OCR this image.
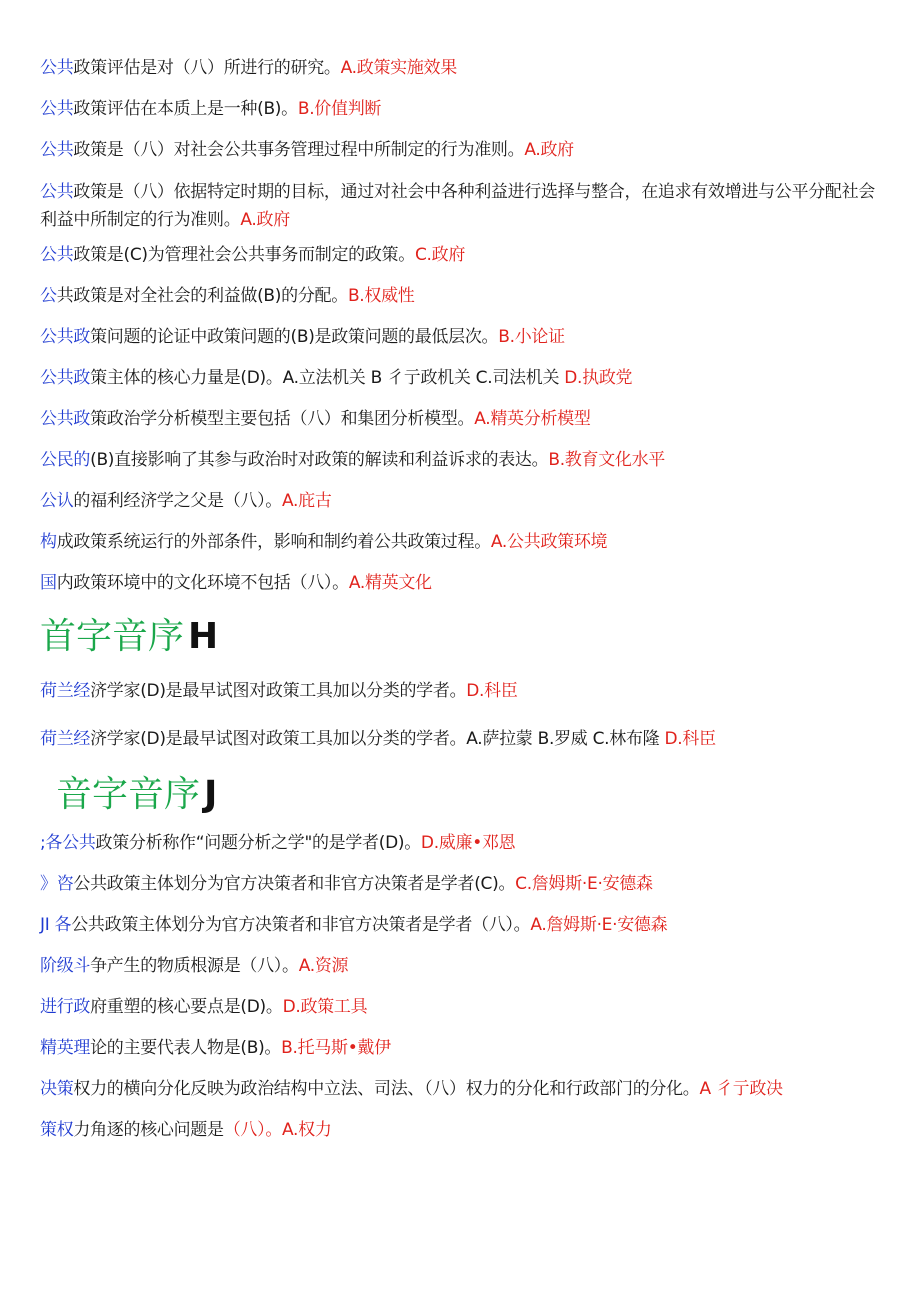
公共政策评估是对（八）所进行的研究。A.政策实施效果
公共政策评估在本质上是一种(B)。B.价值判断
公共政策是（八）对社会公共事务管理过程中所制定的行为准则。A.政府
公共政策是（八）依据特定时期的目标，通过对社会中各种利益进行选择与整合，在追求有效增进与公平分配社会利益中所制定的行为准则。A.政府
公共政策是(C)为管理社会公共事务而制定的政策。C.政府
公共政策是对全社会的利益做(B)的分配。B.权威性
公共政策问题的论证中政策问题的(B)是政策问题的最低层次。B.小论证
公共政策主体的核心力量是(D)。A.立法机关 B 彳亍政机关 C.司法机关 D.执政党
公共政策政治学分析模型主要包括（八）和集团分析模型。A.精英分析模型
公民的(B)直接影响了其参与政治时对政策的解读和利益诉求的表达。B.教育文化水平
公认的福利经济学之父是（八）。A.庇古
构成政策系统运行的外部条件，影响和制约着公共政策过程。A.公共政策环境
国内政策环境中的文化环境不包括（八）。A.精英文化
首字音序 H
荷兰经济学家(D)是最早试图对政策工具加以分类的学者。D.科臣
荷兰经济学家(D)是最早试图对政策工具加以分类的学者。A.萨拉蒙 B.罗威 C.林布隆 D.科臣
音字音序 J
;各公共政策分析称作“问题分析之学"的是学者(D)。D.威廉•邓恩
》咨公共政策主体划分为官方决策者和非官方决策者是学者(C)。C.詹姆斯·E·安德森
JI 各公共政策主体划分为官方决策者和非官方决策者是学者（八）。A.詹姆斯·E·安德森
阶级斗争产生的物质根源是（八）。A.资源
进行政府重塑的核心要点是(D)。D.政策工具
精英理论的主要代表人物是(B)。B.托马斯•戴伊
决策权力的横向分化反映为政治结构中立法、司法、（八）权力的分化和行政部门的分化。A 彳亍政决
策权力角逐的核心问题是（八）。A.权力
